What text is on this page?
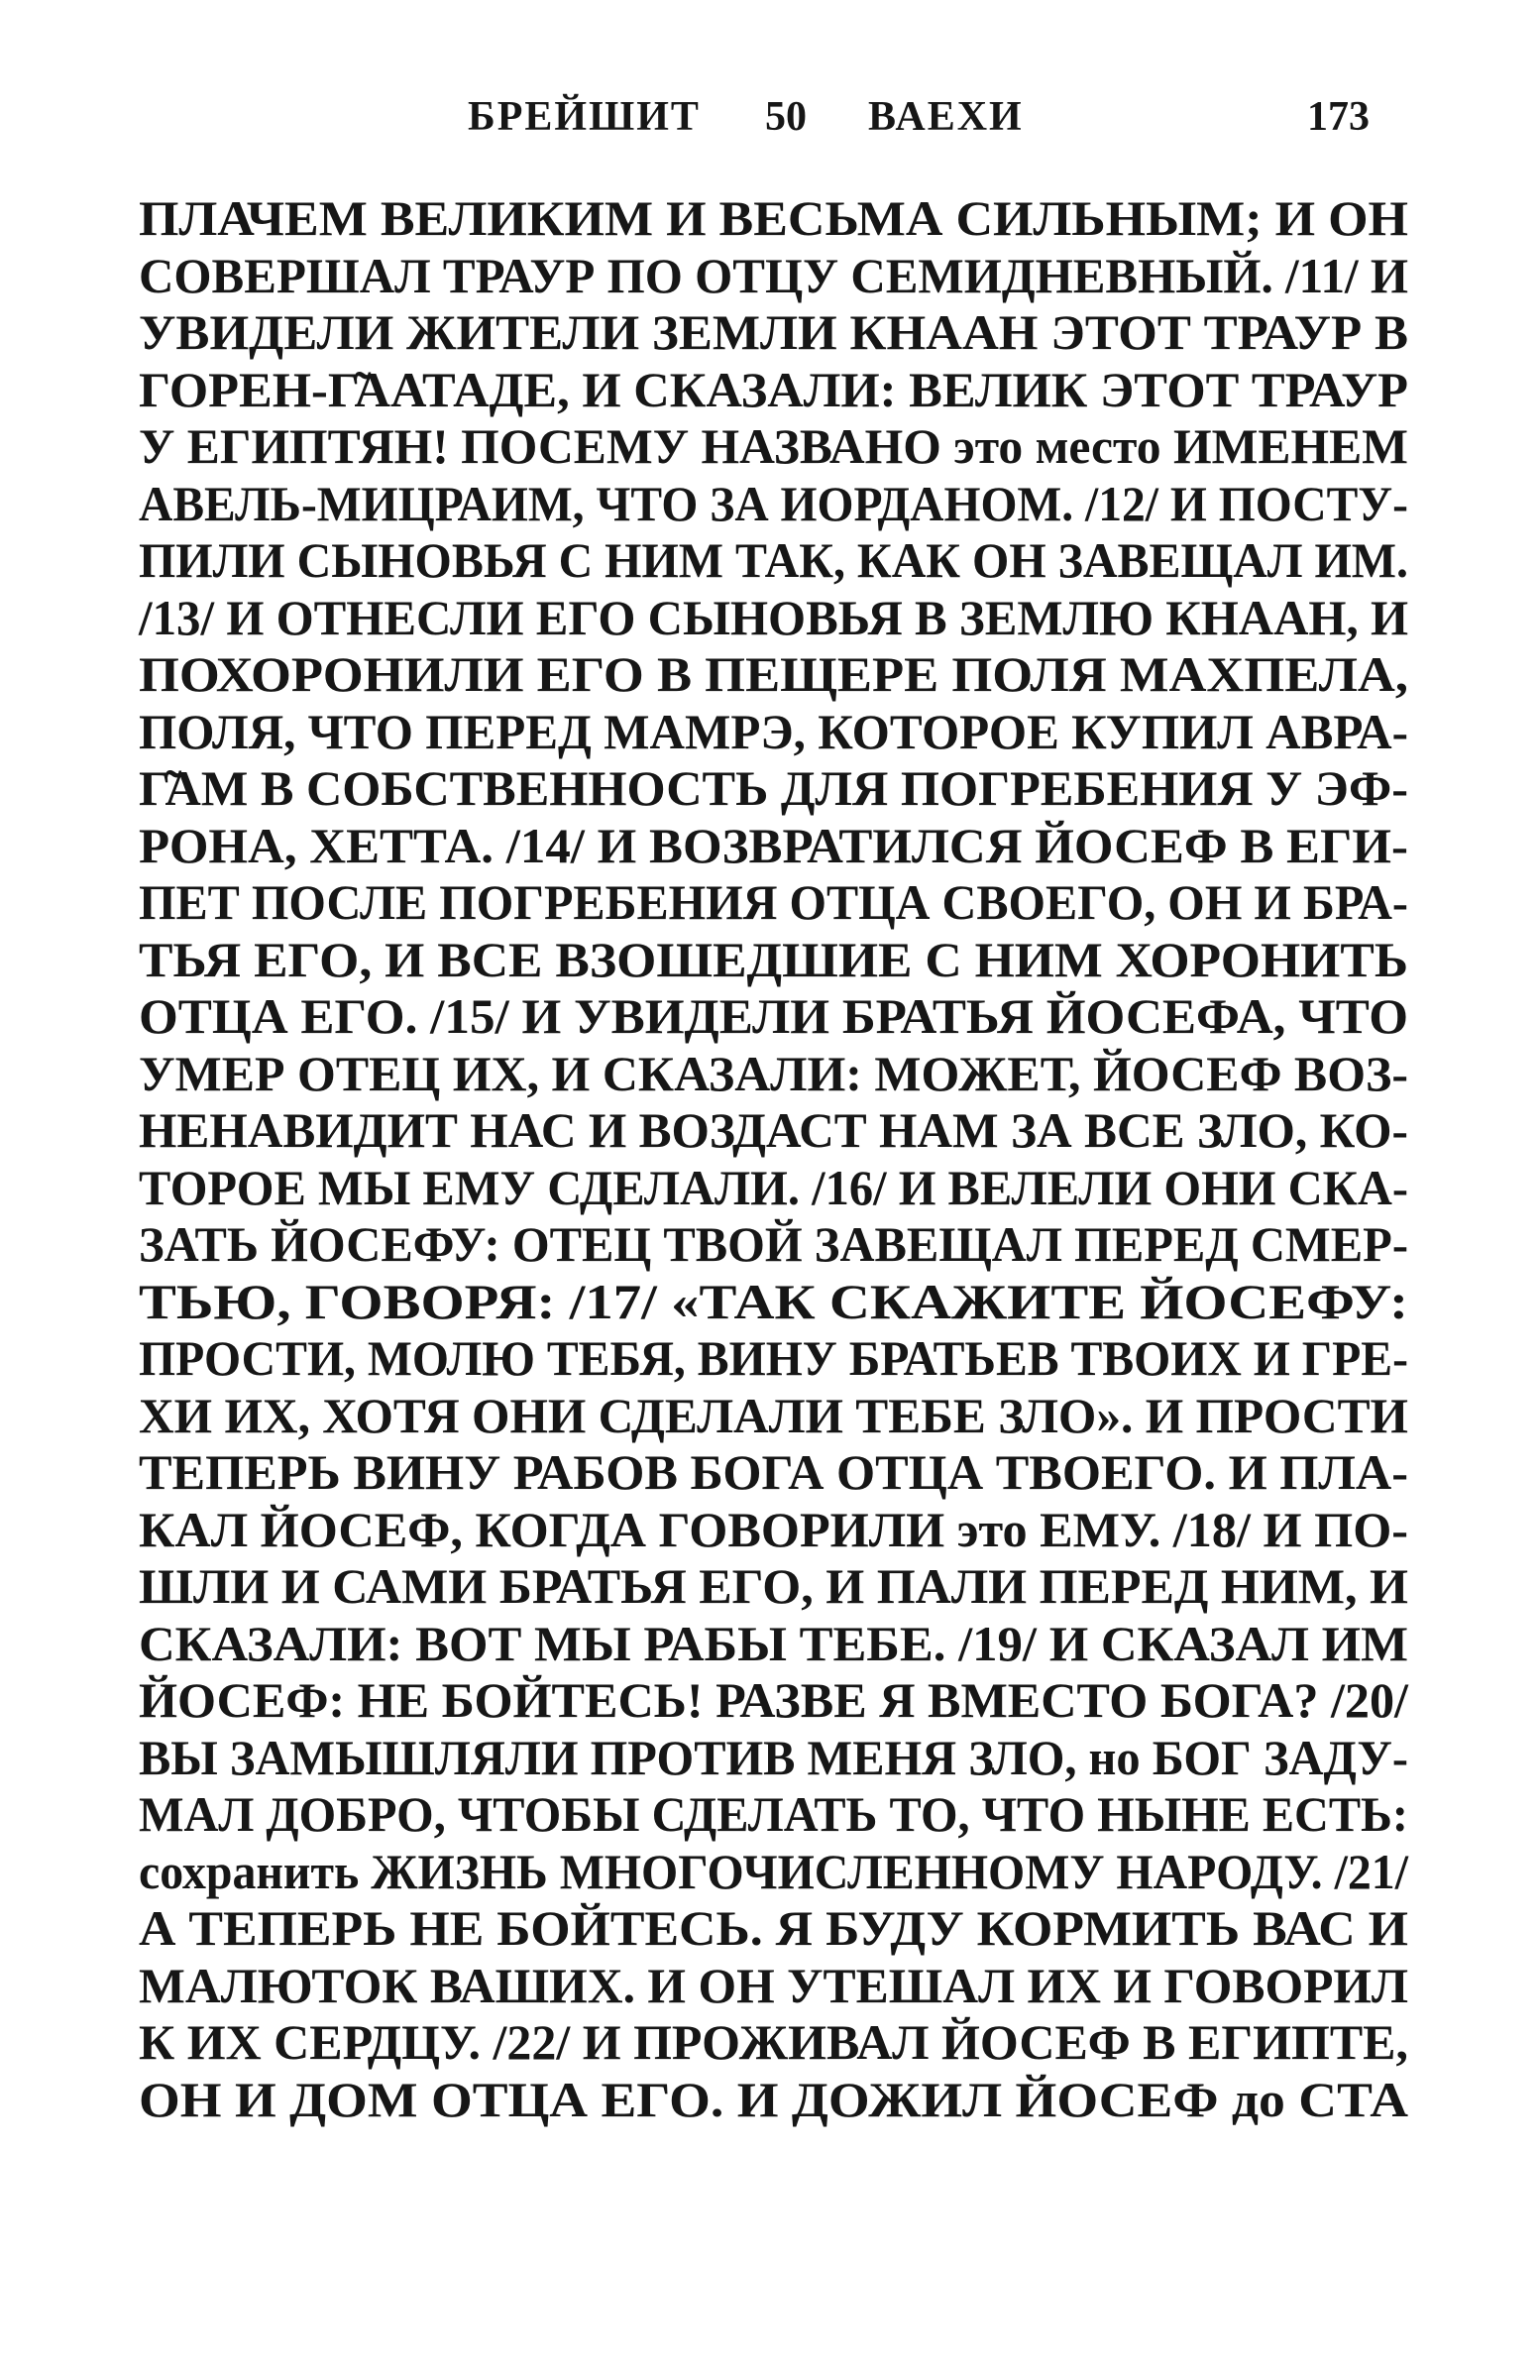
БРЕЙШИТ 50 ВАЕХИ	173
ПЛАЧЕМ ВЕЛИКИМ И ВЕСЬМА СИЛЬНЫМ; И ОН
СОВЕРШАЛ ТРАУР ПО ОТЦУ СЕМИДНЕВНЫЙ. /11/ И
УВИДЕЛИ ЖИТЕЛИ ЗЕМЛИ КНААН ЭТОТ ТРАУР В
ГОРЕН-Г̃ААТАДЕ, И СКАЗАЛИ: ВЕЛИК ЭТОТ ТРАУР
У ЕГИПТЯН! ПОСЕМУ НАЗВАНО это место ИМЕНЕМ
АВЕЛЬ-МИЦРАИМ, ЧТО ЗА ИОРДАНОМ. /12/ И ПОСТУ-
ПИЛИ СЫНОВЬЯ С НИМ ТАК, КАК ОН ЗАВЕЩАЛ ИМ.
/13/ И ОТНЕСЛИ ЕГО СЫНОВЬЯ В ЗЕМЛЮ КНААН, И
ПОХОРОНИЛИ ЕГО В ПЕЩЕРЕ ПОЛЯ МАХПЕЛА,
ПОЛЯ, ЧТО ПЕРЕД МАМРЭ, КОТОРОЕ КУПИЛ АВРА-
Г̃АМ В СОБСТВЕННОСТЬ ДЛЯ ПОГРЕБЕНИЯ У ЭФ-
РОНА, ХЕТТА. /14/ И ВОЗВРАТИЛСЯ ЙОСЕФ В ЕГИ-
ПЕТ ПОСЛЕ ПОГРЕБЕНИЯ ОТЦА СВОЕГО, ОН И БРА-
ТЬЯ ЕГО, И ВСЕ ВЗОШЕДШИЕ С НИМ ХОРОНИТЬ
ОТЦА ЕГО. /15/ И УВИДЕЛИ БРАТЬЯ ЙОСЕФА, ЧТО
УМЕР ОТЕЦ ИХ, И СКАЗАЛИ: МОЖЕТ, ЙОСЕФ ВОЗ-
НЕНАВИДИТ НАС И ВОЗДАСТ НАМ ЗА ВСЕ ЗЛО, КО-
ТОРОЕ МЫ ЕМУ СДЕЛАЛИ. /16/ И ВЕЛЕЛИ ОНИ СКА-
ЗАТЬ ЙОСЕФУ: ОТЕЦ ТВОЙ ЗАВЕЩАЛ ПЕРЕД СМЕР-
ТЬЮ, ГОВОРЯ: /17/ «ТАК СКАЖИТЕ ЙОСЕФУ:
ПРОСТИ, МОЛЮ ТЕБЯ, ВИНУ БРАТЬЕВ ТВОИХ И ГРЕ-
ХИ ИХ, ХОТЯ ОНИ СДЕЛАЛИ ТЕБЕ ЗЛО». И ПРОСТИ
ТЕПЕРЬ ВИНУ РАБОВ БОГА ОТЦА ТВОЕГО. И ПЛА-
КАЛ ЙОСЕФ, КОГДА ГОВОРИЛИ это ЕМУ. /18/ И ПО-
ШЛИ И САМИ БРАТЬЯ ЕГО, И ПАЛИ ПЕРЕД НИМ, И
СКАЗАЛИ: ВОТ МЫ РАБЫ ТЕБЕ. /19/ И СКАЗАЛ ИМ
ЙОСЕФ: НЕ БОЙТЕСЬ! РАЗВЕ Я ВМЕСТО БОГА? /20/
ВЫ ЗАМЫШЛЯЛИ ПРОТИВ МЕНЯ ЗЛО, но БОГ ЗАДУ-
МАЛ ДОБРО, ЧТОБЫ СДЕЛАТЬ ТО, ЧТО НЫНЕ ЕСТЬ:
сохранить ЖИЗНЬ МНОГОЧИСЛЕННОМУ НАРОДУ. /21/
А ТЕПЕРЬ НЕ БОЙТЕСЬ. Я БУДУ КОРМИТЬ ВАС И
МАЛЮТОК ВАШИХ. И ОН УТЕШАЛ ИХ И ГОВОРИЛ
К ИХ СЕРДЦУ. /22/ И ПРОЖИВАЛ ЙОСЕФ В ЕГИПТЕ,
ОН И ДОМ ОТЦА ЕГО. И ДОЖИЛ ЙОСЕФ до СТА
